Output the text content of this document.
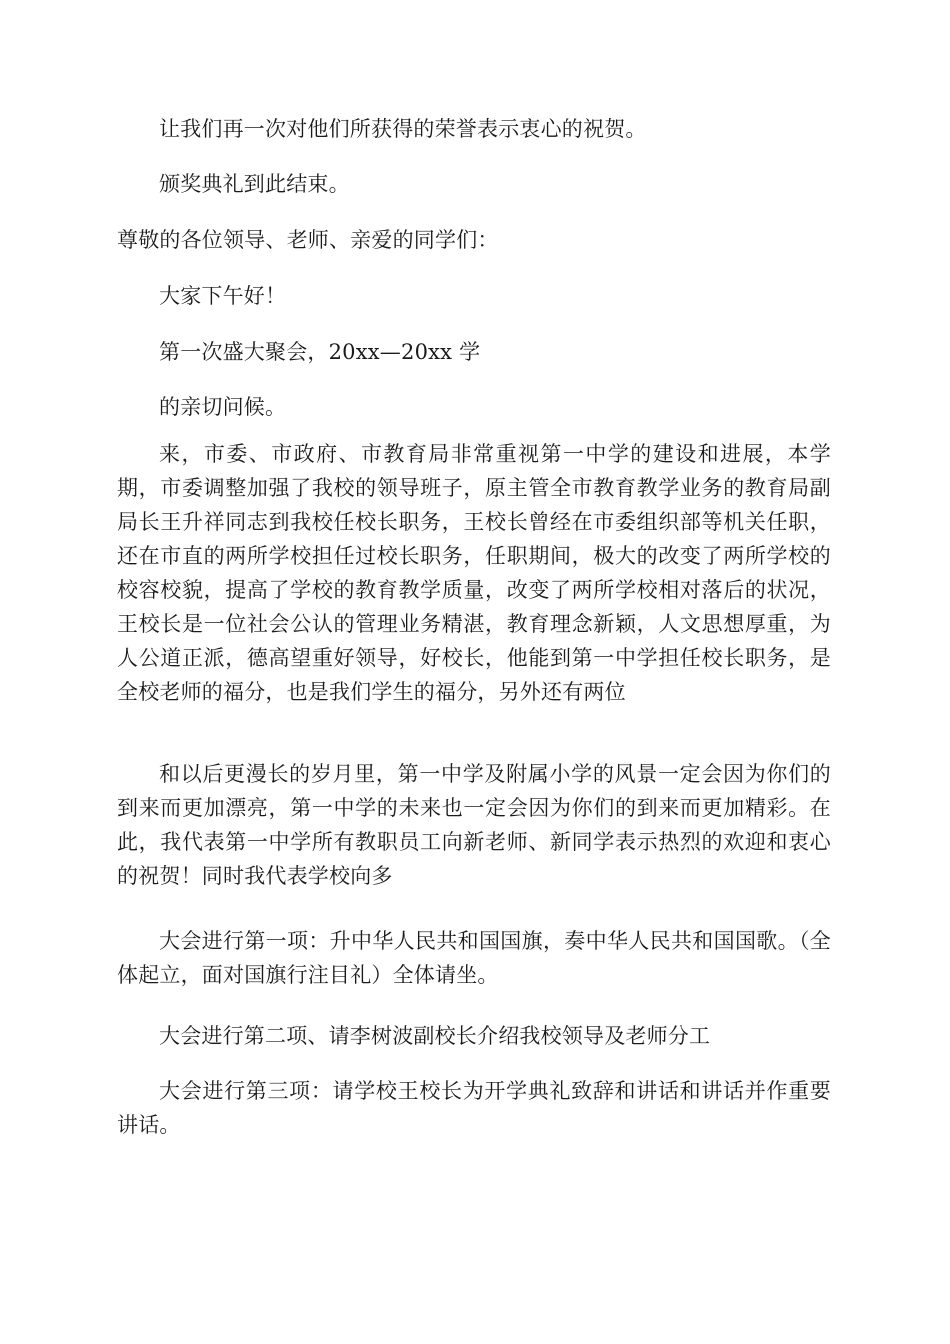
让我们再一次对他们所获得的荣誉表示衷心的祝贺。

颁奖典礼到此结束。

尊敬的各位领导、老师、亲爱的同学们：

大家下午好！

第一次盛大聚会，20xx—20xx 学

的亲切问候。

来，市委、市政府、市教育局非常重视第一中学的建设和进展，本学期，市委调整加强了我校的领导班子，原主管全市教育教学业务的教育局副局长王升祥同志到我校任校长职务，王校长曾经在市委组织部等机关任职，还在市直的两所学校担任过校长职务，任职期间，极大的改变了两所学校的校容校貌，提高了学校的教育教学质量，改变了两所学校相对落后的状况，王校长是一位社会公认的管理业务精湛，教育理念新颖，人文思想厚重，为人公道正派，德高望重好领导，好校长，他能到第一中学担任校长职务，是全校老师的福分，也是我们学生的福分，另外还有两位

和以后更漫长的岁月里，第一中学及附属小学的风景一定会因为你们的到来而更加漂亮，第一中学的未来也一定会因为你们的到来而更加精彩。在此，我代表第一中学所有教职员工向新老师、新同学表示热烈的欢迎和衷心的祝贺！同时我代表学校向多

大会进行第一项：升中华人民共和国国旗，奏中华人民共和国国歌。（全体起立，面对国旗行注目礼）全体请坐。

大会进行第二项、请李树波副校长介绍我校领导及老师分工

大会进行第三项：请学校王校长为开学典礼致辞和讲话和讲话并作重要讲话。
